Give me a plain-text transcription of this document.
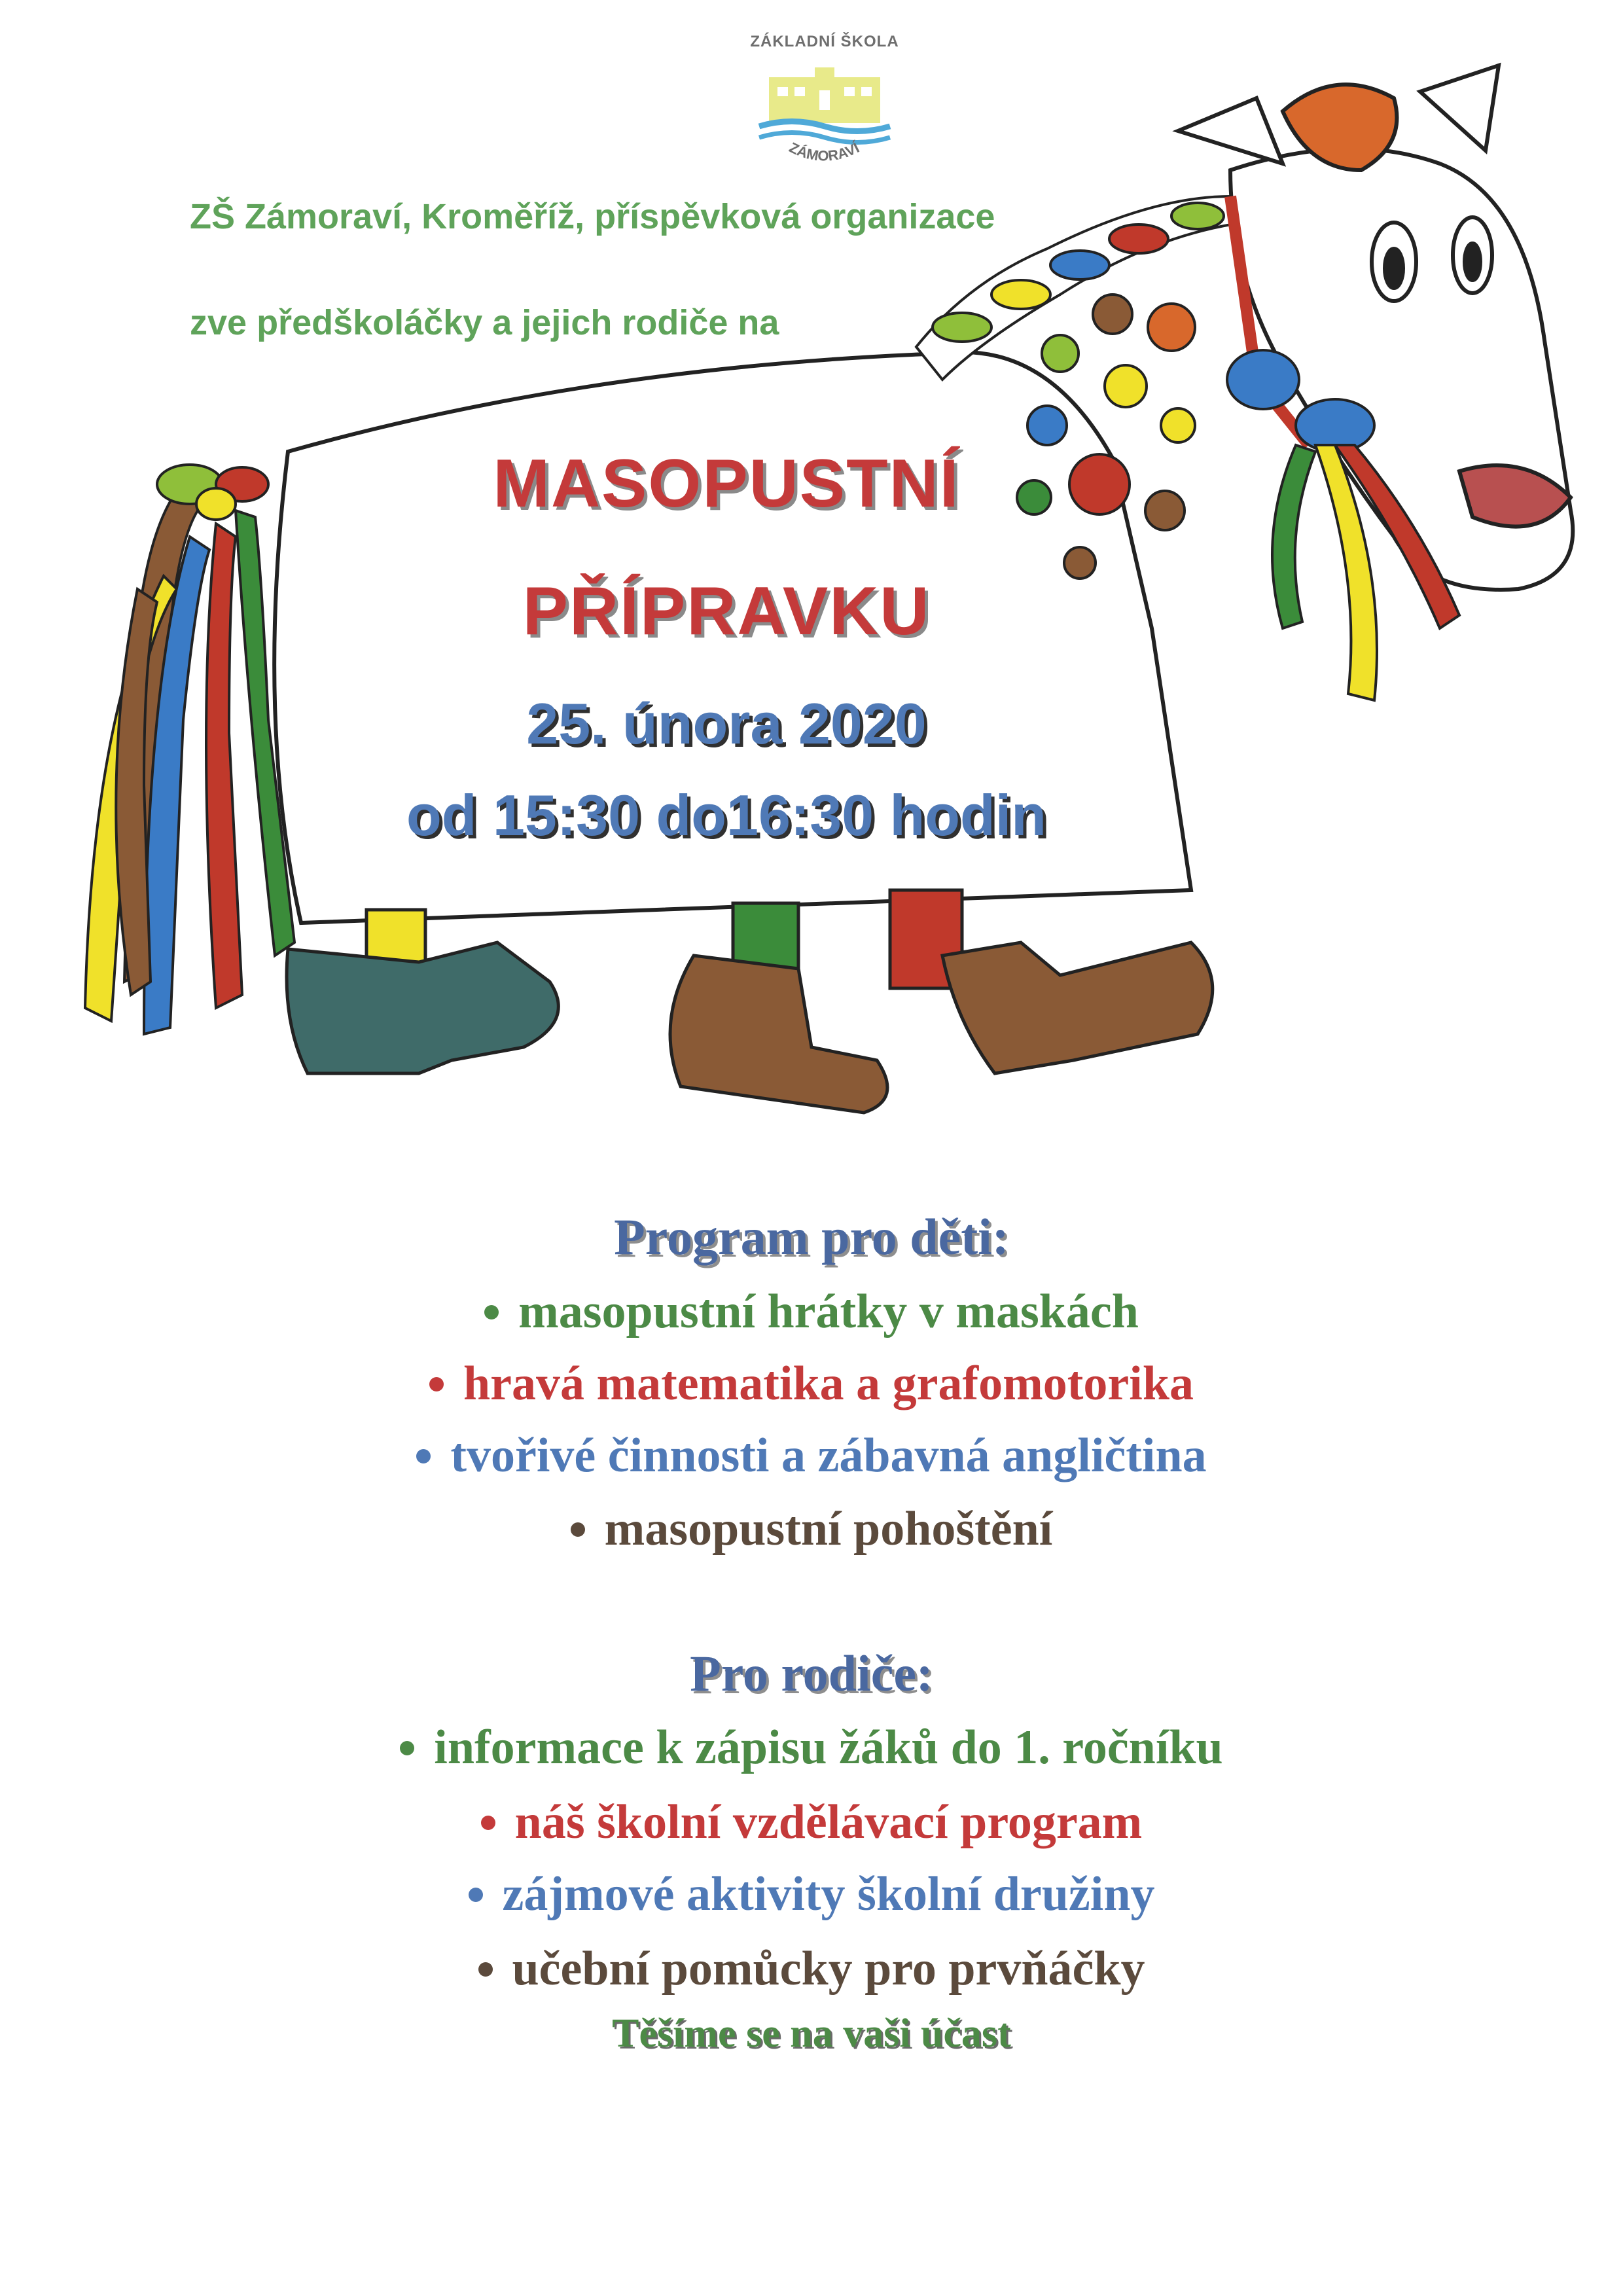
ZÁKLADNÍ ŠKOLA
ZÁMORAVÍ
ZŠ Zámoraví, Kroměříž, příspěvková organizace
zve předškoláčky a jejich rodiče na
MASOPUSTNÍ
PŘÍPRAVKU
25. února 2020
od 15:30 do16:30 hodin
Program pro děti:
masopustní hrátky v maskách
hravá matematika a grafomotorika
tvořivé činnosti a zábavná angličtina
masopustní pohoštění
Pro rodiče:
informace k zápisu žáků do 1. ročníku
náš školní vzdělávací program
zájmové aktivity školní družiny
učební pomůcky pro prvňáčky
Těšíme se na vaši účast
